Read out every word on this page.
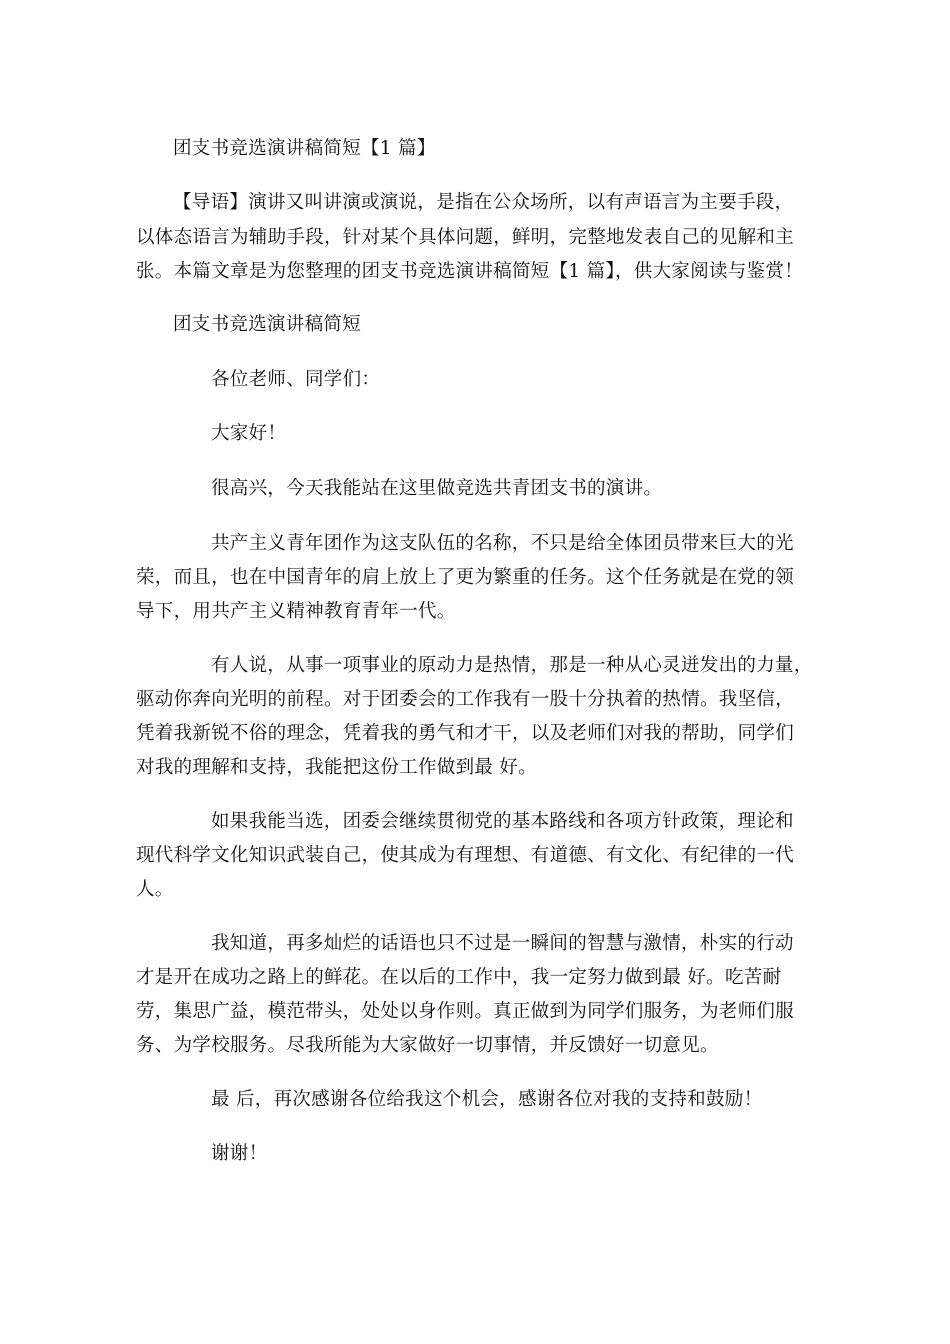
团支书竞选演讲稿简短【1 篇】
【导语】演讲又叫讲演或演说，是指在公众场所，以有声语言为主要手段，
以体态语言为辅助手段，针对某个具体问题，鲜明，完整地发表自己的见解和主
张。本篇文章是为您整理的团支书竞选演讲稿简短【1 篇】，供大家阅读与鉴赏！
团支书竞选演讲稿简短
各位老师、同学们：
大家好！
很高兴，今天我能站在这里做竞选共青团支书的演讲。
共产主义青年团作为这支队伍的名称，不只是给全体团员带来巨大的光
荣，而且，也在中国青年的肩上放上了更为繁重的任务。这个任务就是在党的领
导下，用共产主义精神教育青年一代。
有人说，从事一项事业的原动力是热情，那是一种从心灵迸发出的力量，
驱动你奔向光明的前程。对于团委会的工作我有一股十分执着的热情。我坚信，
凭着我新锐不俗的理念，凭着我的勇气和才干，以及老师们对我的帮助，同学们
对我的理解和支持，我能把这份工作做到最 好。
如果我能当选，团委会继续贯彻党的基本路线和各项方针政策，理论和
现代科学文化知识武装自己，使其成为有理想、有道德、有文化、有纪律的一代
人。
我知道，再多灿烂的话语也只不过是一瞬间的智慧与激情，朴实的行动
才是开在成功之路上的鲜花。在以后的工作中，我一定努力做到最 好。吃苦耐
劳，集思广益，模范带头，处处以身作则。真正做到为同学们服务，为老师们服
务、为学校服务。尽我所能为大家做好一切事情，并反馈好一切意见。
最 后，再次感谢各位给我这个机会，感谢各位对我的支持和鼓励！
谢谢！
